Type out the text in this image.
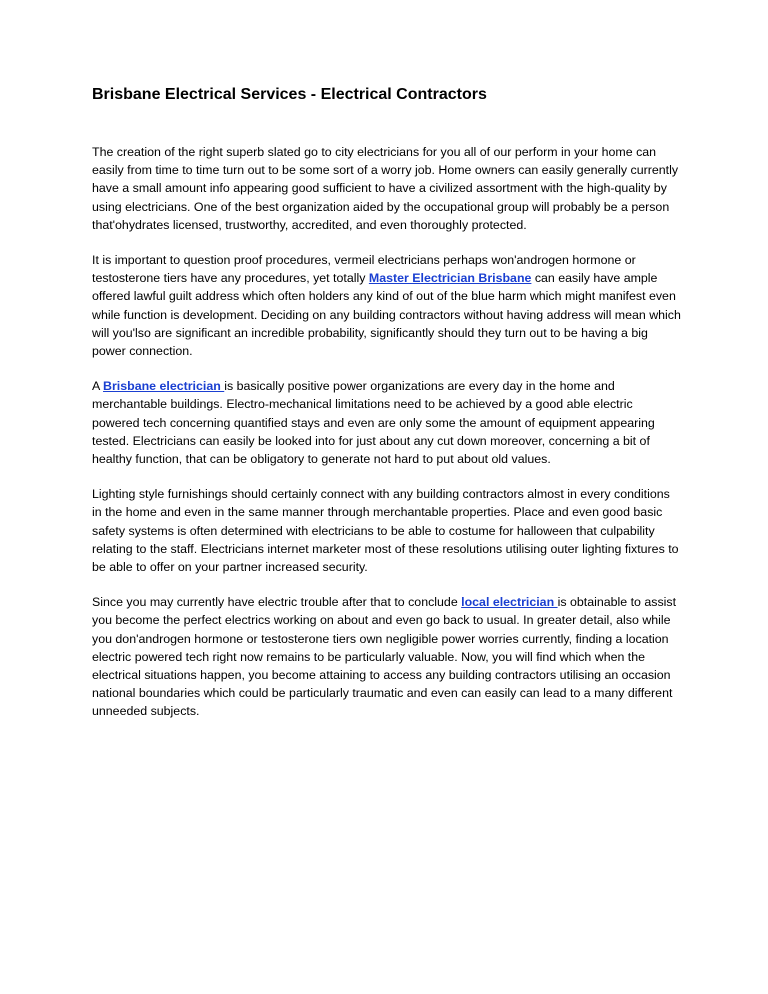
Brisbane Electrical Services - Electrical Contractors

The creation of the right superb slated go to city electricians for you all of our perform in your home can easily from time to time turn out to be some sort of a worry job. Home owners can easily generally currently have a small amount info appearing good sufficient to have a civilized assortment with the high-quality by using electricians. One of the best organization aided by the occupational group will probably be a person that'ohydrates licensed, trustworthy, accredited, and even thoroughly protected.

It is important to question proof procedures, vermeil electricians perhaps won'androgen hormone or testosterone tiers have any procedures, yet totally Master Electrician Brisbane can easily have ample offered lawful guilt address which often holders any kind of out of the blue harm which might manifest even while function is development. Deciding on any building contractors without having address will mean which will you'lso are significant an incredible probability, significantly should they turn out to be having a big power connection.

A Brisbane electrician is basically positive power organizations are every day in the home and merchantable buildings. Electro-mechanical limitations need to be achieved by a good able electric powered tech concerning quantified stays and even are only some the amount of equipment appearing tested. Electricians can easily be looked into for just about any cut down moreover, concerning a bit of healthy function, that can be obligatory to generate not hard to put about old values.

Lighting style furnishings should certainly connect with any building contractors almost in every conditions in the home and even in the same manner through merchantable properties. Place and even good basic safety systems is often determined with electricians to be able to costume for halloween that culpability relating to the staff. Electricians internet marketer most of these resolutions utilising outer lighting fixtures to be able to offer on your partner increased security.

Since you may currently have electric trouble after that to conclude local electrician is obtainable to assist you become the perfect electrics working on about and even go back to usual. In greater detail, also while you don'androgen hormone or testosterone tiers own negligible power worries currently, finding a location electric powered tech right now remains to be particularly valuable. Now, you will find which when the electrical situations happen, you become attaining to access any building contractors utilising an occasion national boundaries which could be particularly traumatic and even can easily can lead to a many different unneeded subjects.
